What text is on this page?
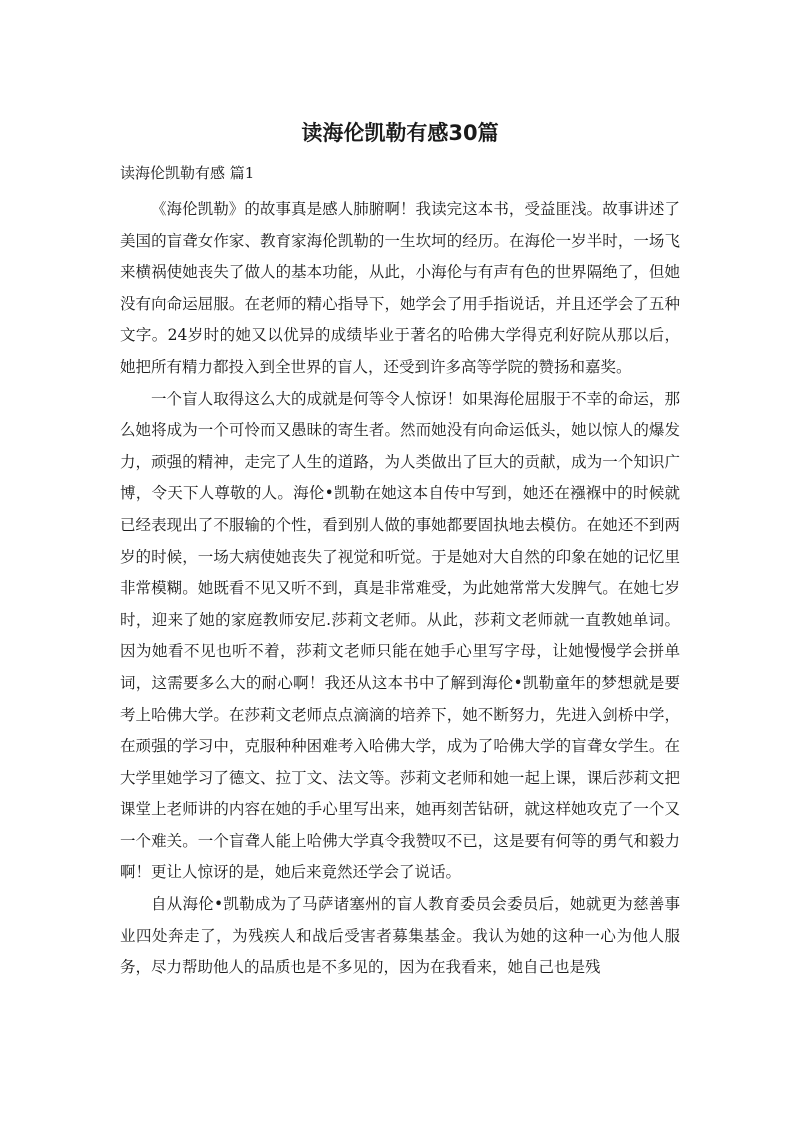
读海伦凯勒有感30篇
读海伦凯勒有感 篇1

《海伦凯勒》的故事真是感人肺腑啊！我读完这本书，受益匪浅。故事讲述了美国的盲聋女作家、教育家海伦凯勒的一生坎坷的经历。在海伦一岁半时，一场飞来横祸使她丧失了做人的基本功能，从此，小海伦与有声有色的世界隔绝了，但她没有向命运屈服。在老师的精心指导下，她学会了用手指说话，并且还学会了五种文字。24岁时的她又以优异的成绩毕业于著名的哈佛大学得克利好院从那以后，她把所有精力都投入到全世界的盲人，还受到许多高等学院的赞扬和嘉奖。

一个盲人取得这么大的成就是何等令人惊讶！如果海伦屈服于不幸的命运，那么她将成为一个可怜而又愚昧的寄生者。然而她没有向命运低头，她以惊人的爆发力，顽强的精神，走完了人生的道路，为人类做出了巨大的贡献，成为一个知识广博，令天下人尊敬的人。海伦•凯勒在她这本自传中写到，她还在襁褓中的时候就已经表现出了不服输的个性，看到别人做的事她都要固执地去模仿。在她还不到两岁的时候，一场大病使她丧失了视觉和听觉。于是她对大自然的印象在她的记忆里非常模糊。她既看不见又听不到，真是非常难受，为此她常常大发脾气。在她七岁时，迎来了她的家庭教师安尼.莎莉文老师。从此，莎莉文老师就一直教她单词。因为她看不见也听不着，莎莉文老师只能在她手心里写字母，让她慢慢学会拼单词，这需要多么大的耐心啊！我还从这本书中了解到海伦•凯勒童年的梦想就是要考上哈佛大学。在莎莉文老师点点滴滴的培养下，她不断努力，先进入剑桥中学，在顽强的学习中，克服种种困难考入哈佛大学，成为了哈佛大学的盲聋女学生。在大学里她学习了德文、拉丁文、法文等。莎莉文老师和她一起上课，课后莎莉文把课堂上老师讲的内容在她的手心里写出来，她再刻苦钻研，就这样她攻克了一个又一个难关。一个盲聋人能上哈佛大学真令我赞叹不已，这是要有何等的勇气和毅力啊！更让人惊讶的是，她后来竟然还学会了说话。

自从海伦•凯勒成为了马萨诸塞州的盲人教育委员会委员后，她就更为慈善事业四处奔走了，为残疾人和战后受害者募集基金。我认为她的这种一心为他人服务，尽力帮助他人的品质也是不多见的，因为在我看来，她自己也是残
